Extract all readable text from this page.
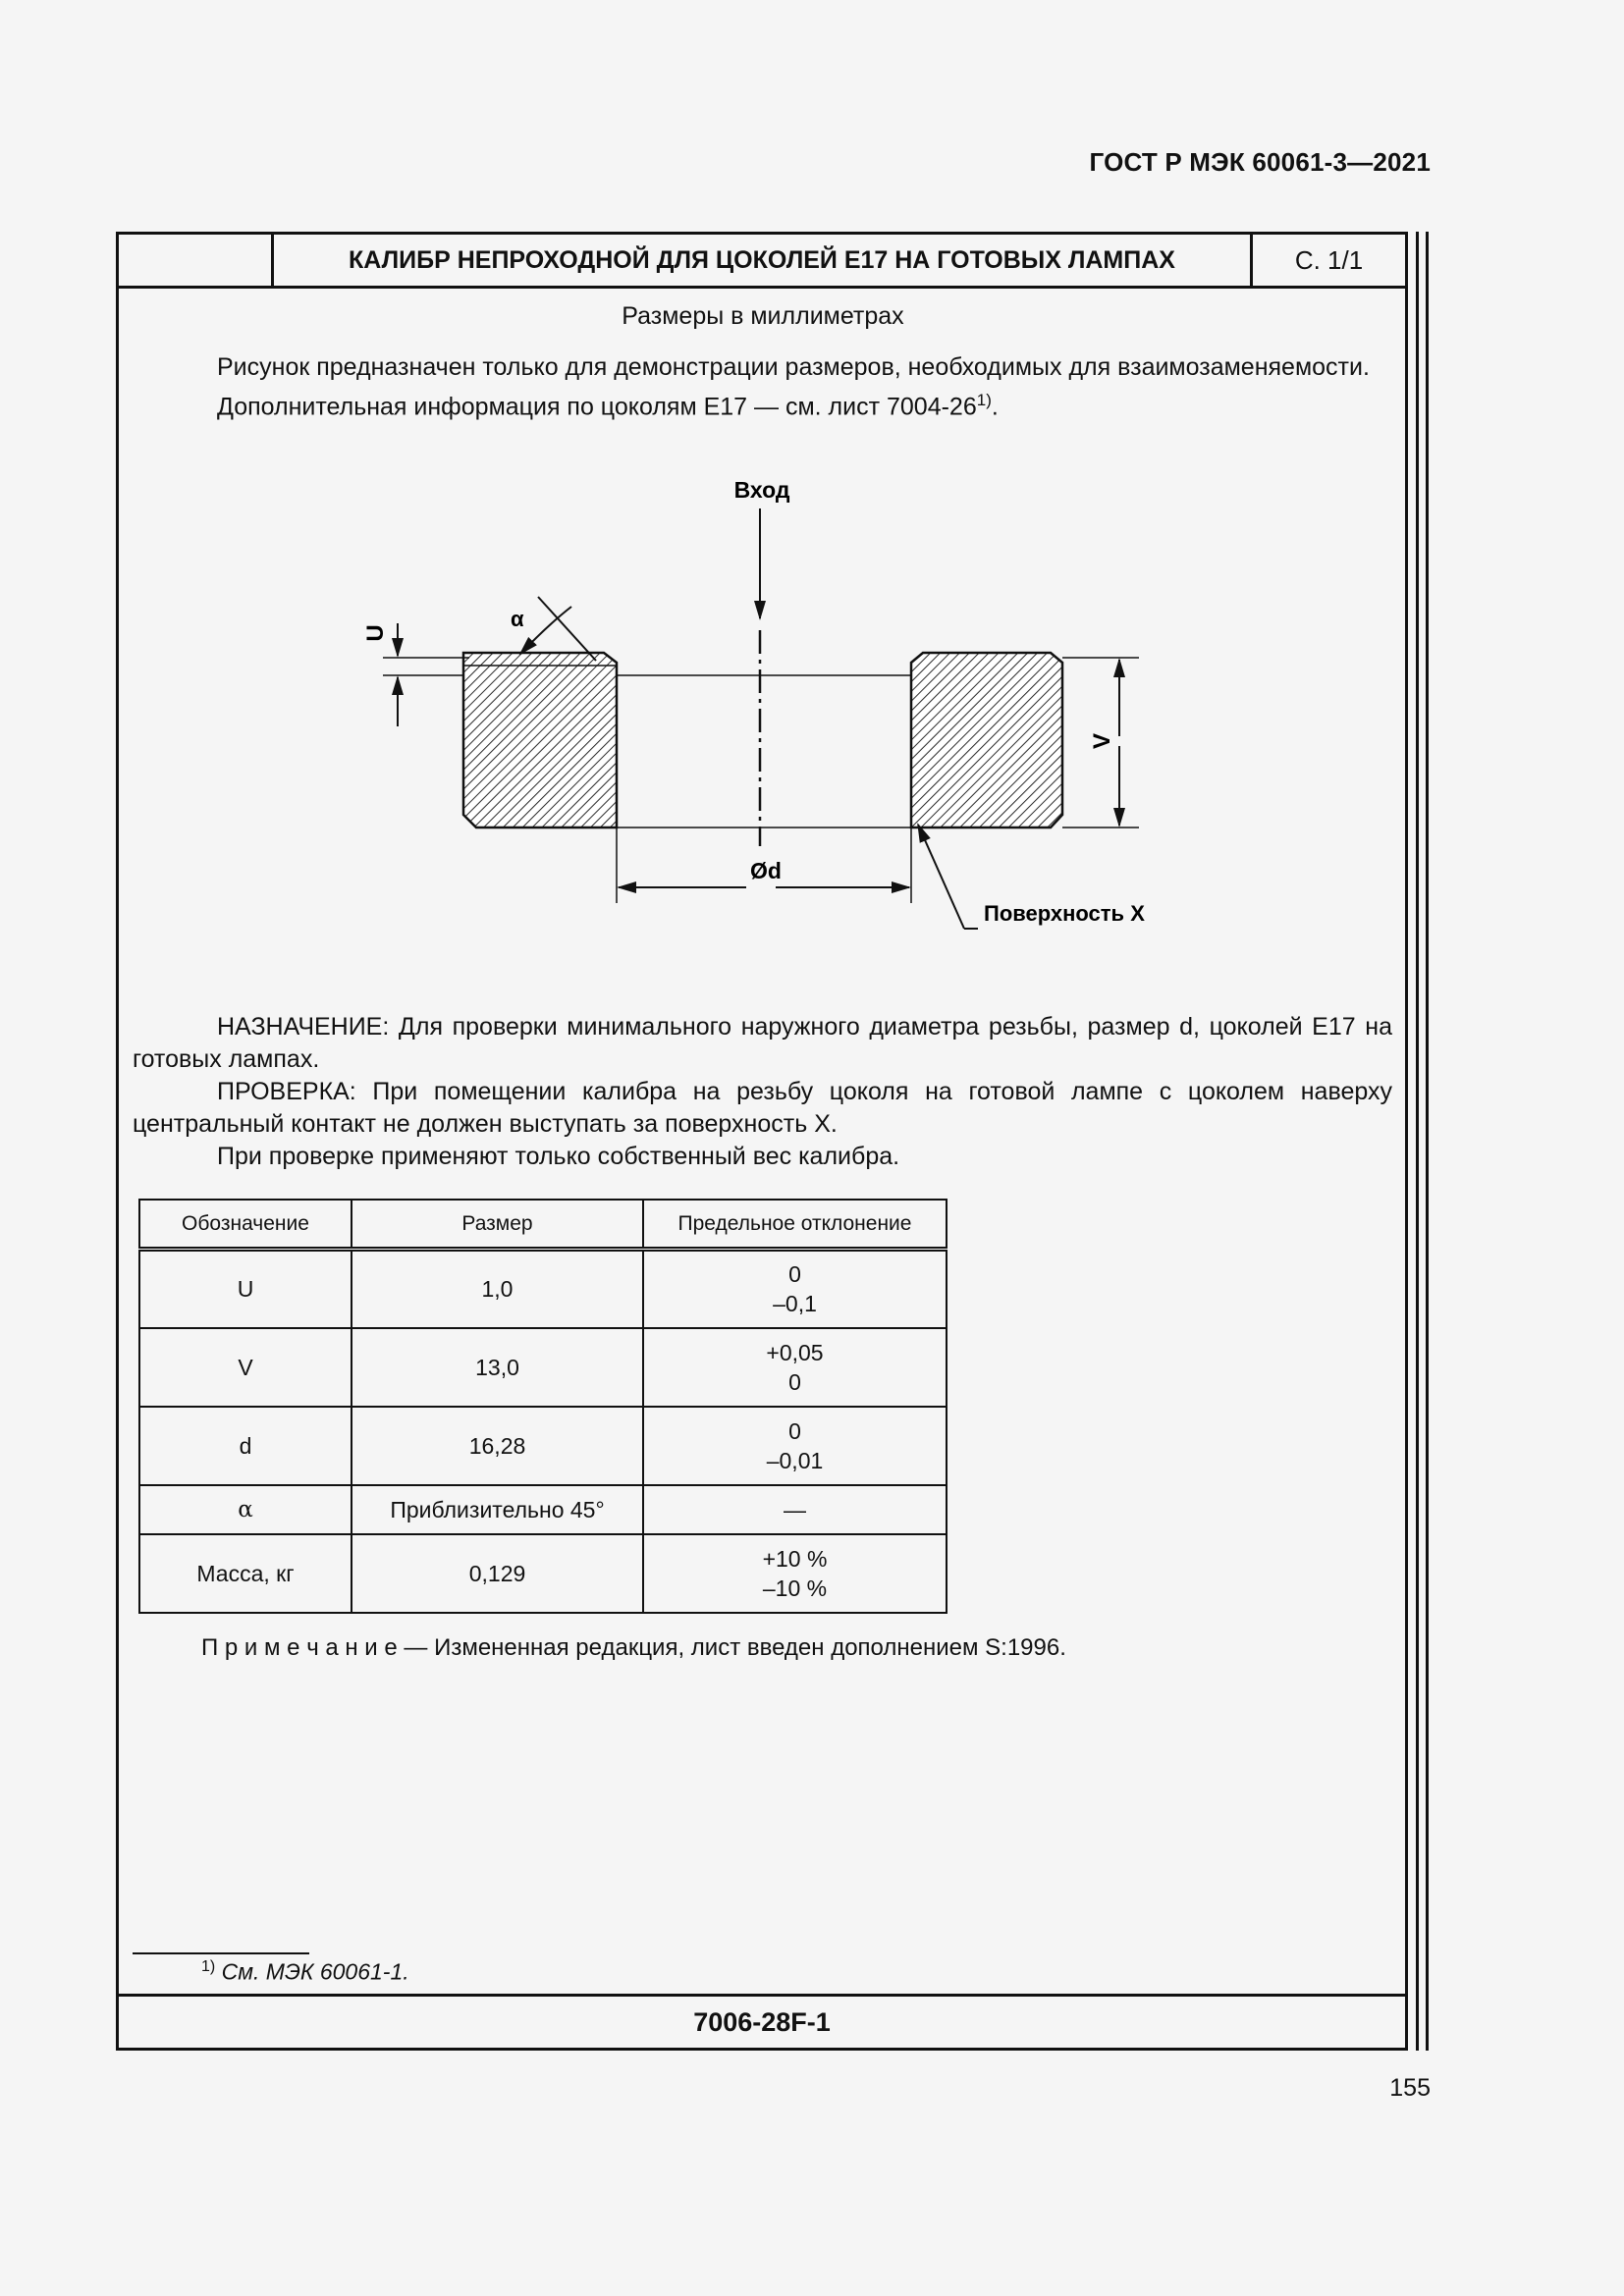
ГОСТ Р МЭК 60061-3—2021
КАЛИБР НЕПРОХОДНОЙ ДЛЯ ЦОКОЛЕЙ E17 НА ГОТОВЫХ ЛАМПАХ	С. 1/1
7006-28F-1
Размеры в миллиметрах

Рисунок предназначен только для демонстрации размеров, необходимых для взаимозаменяемости.

Дополнительная информация по цоколям E17 — см. лист 7004-26$^{1)}$.

Вход
U
α
V
Ød
Поверхность X

НАЗНАЧЕНИЕ: Для проверки минимального наружного диаметра резьбы, размер d, цоколей E17 на готовых лампах.

ПРОВЕРКА: При помещении калибра на резьбу цоколя на готовой лампе с цоколем наверху центральный контакт не должен выступать за поверхность X.

При проверке применяют только собственный вес калибра.

Обозначение	Размер	Предельное отклонение
U	1,0	0
–0,1

V	13,0	+0,05
0

d	16,28	0
–0,01

α	Приблизительно 45°	—
Масса, кг	0,129	+10 %
–10 %
П р и м е ч а н и е — Измененная редакция, лист введен дополнением S:1996.
$^{1)}$ См. МЭК 60061-1.
155
